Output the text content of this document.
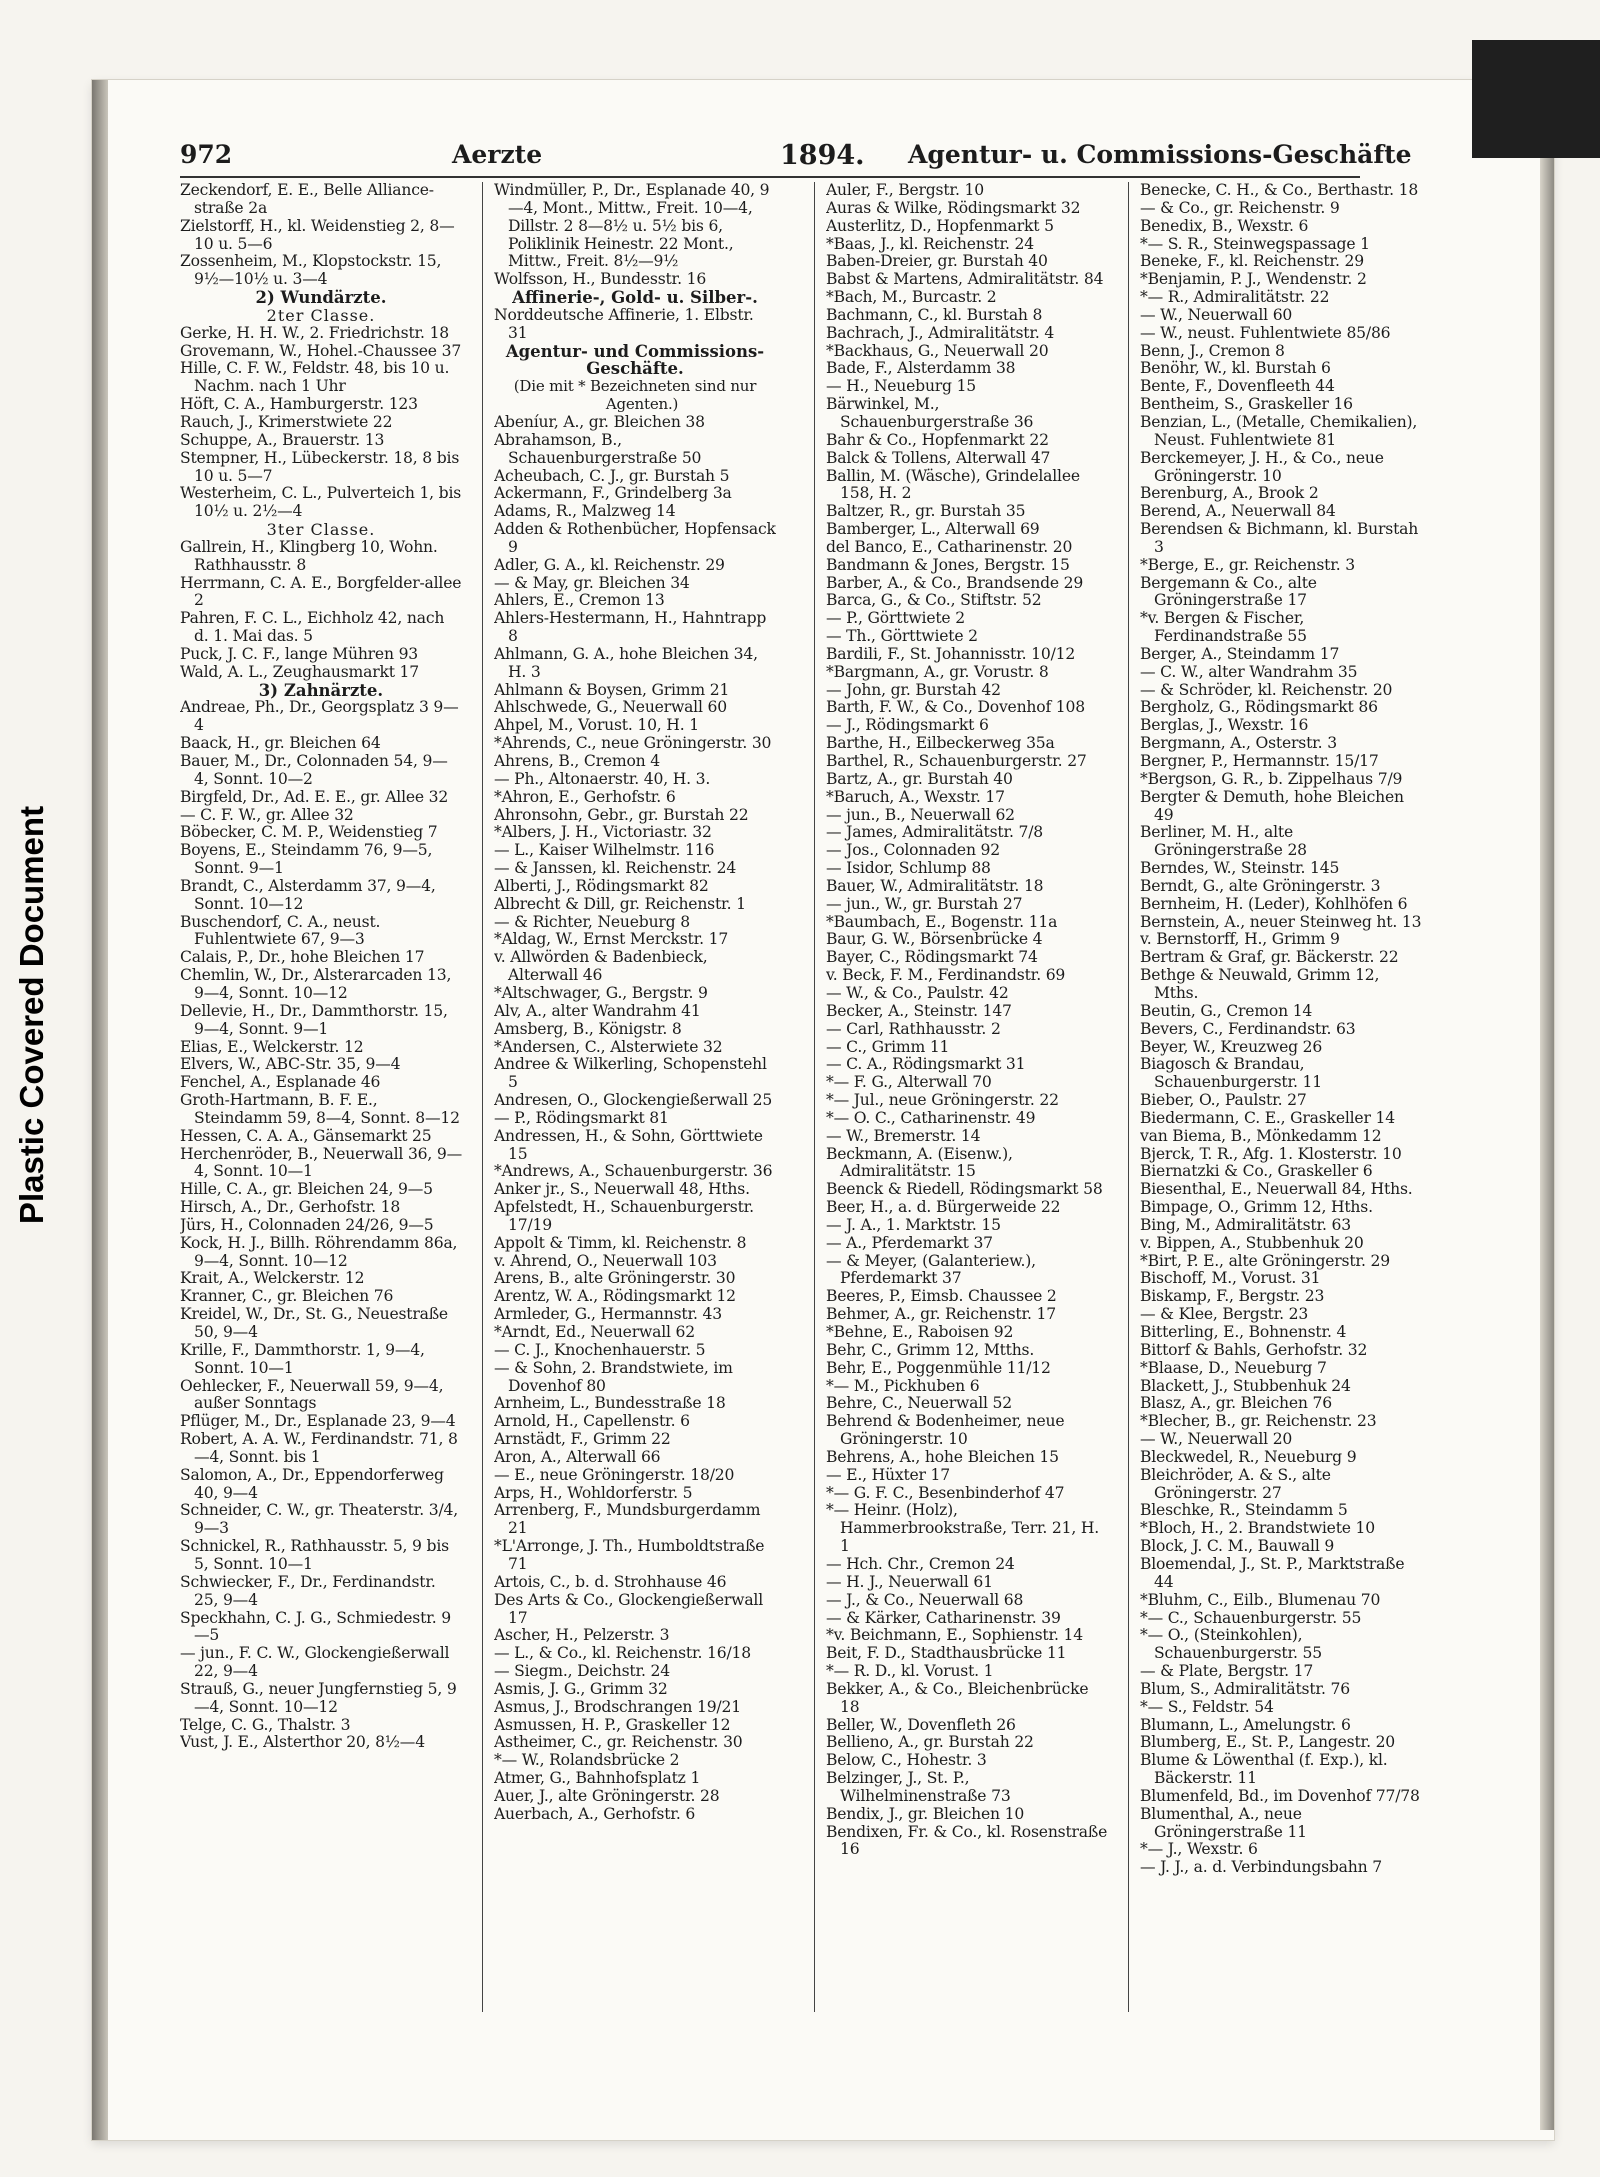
Plastic Covered Document
972	Aerzte	1894. Agentur- u. Commissions-Geschäfte
Zeckendorf, E. E., Belle Alliance-straße 2a
Zielstorff, H., kl. Weidenstieg 2, 8—10 u. 5—6
Zossenheim, M., Klopstockstr. 15, 9½—10½ u. 3—4
2) Wundärzte.
2ter Classe.
Gerke, H. H. W., 2. Friedrichstr. 18
Grovemann, W., Hohel.-Chaussee 37
Hille, C. F. W., Feldstr. 48, bis 10 u. Nachm. nach 1 Uhr
Höft, C. A., Hamburgerstr. 123
Rauch, J., Krimerstwiete 22
Schuppe, A., Brauerstr. 13
Stempner, H., Lübeckerstr. 18, 8 bis 10 u. 5—7
Westerheim, C. L., Pulverteich 1, bis 10½ u. 2½—4
3ter Classe.
Gallrein, H., Klingberg 10, Wohn. Rathhausstr. 8
Herrmann, C. A. E., Borgfelder-allee 2
Pahren, F. C. L., Eichholz 42, nach d. 1. Mai das. 5
Puck, J. C. F., lange Mühren 93
Wald, A. L., Zeughausmarkt 17
3) Zahnärzte.
Andreae, Ph., Dr., Georgsplatz 3 9—4
Baack, H., gr. Bleichen 64
Bauer, M., Dr., Colonnaden 54, 9—4, Sonnt. 10—2
Birgfeld, Dr., Ad. E. E., gr. Allee 32
— C. F. W., gr. Allee 32
Böbecker, C. M. P., Weidenstieg 7
Boyens, E., Steindamm 76, 9—5, Sonnt. 9—1
Brandt, C., Alsterdamm 37, 9—4, Sonnt. 10—12
Buschendorf, C. A., neust. Fuhlentwiete 67, 9—3
Calais, P., Dr., hohe Bleichen 17
Chemlin, W., Dr., Alsterarcaden 13, 9—4, Sonnt. 10—12
Dellevie, H., Dr., Dammthorstr. 15, 9—4, Sonnt. 9—1
Elias, E., Welckerstr. 12
Elvers, W., ABC-Str. 35, 9—4
Fenchel, A., Esplanade 46
Groth-Hartmann, B. F. E., Steindamm 59, 8—4, Sonnt. 8—12
Hessen, C. A. A., Gänsemarkt 25
Herchenröder, B., Neuerwall 36, 9—4, Sonnt. 10—1
Hille, C. A., gr. Bleichen 24, 9—5
Hirsch, A., Dr., Gerhofstr. 18
Jürs, H., Colonnaden 24/26, 9—5
Kock, H. J., Billh. Röhrendamm 86a, 9—4, Sonnt. 10—12
Krait, A., Welckerstr. 12
Kranner, C., gr. Bleichen 76
Kreidel, W., Dr., St. G., Neuestraße 50, 9—4
Krille, F., Dammthorstr. 1, 9—4, Sonnt. 10—1
Oehlecker, F., Neuerwall 59, 9—4, außer Sonntags
Pflüger, M., Dr., Esplanade 23, 9—4
Robert, A. A. W., Ferdinandstr. 71, 8—4, Sonnt. bis 1
Salomon, A., Dr., Eppendorferweg 40, 9—4
Schneider, C. W., gr. Theaterstr. 3/4, 9—3
Schnickel, R., Rathhausstr. 5, 9 bis 5, Sonnt. 10—1
Schwiecker, F., Dr., Ferdinandstr. 25, 9—4
Speckhahn, C. J. G., Schmiedestr. 9—5
— jun., F. C. W., Glockengießerwall 22, 9—4
Strauß, G., neuer Jungfernstieg 5, 9—4, Sonnt. 10—12
Telge, C. G., Thalstr. 3
Vust, J. E., Alsterthor 20, 8½—4
Windmüller, P., Dr., Esplanade 40, 9—4, Mont., Mittw., Freit. 10—4, Dillstr. 2 8—8½ u. 5½ bis 6, Poliklinik Heinestr. 22 Mont., Mittw., Freit. 8½—9½
Wolfsson, H., Bundesstr. 16
Affinerie-, Gold- u. Silber-.
Norddeutsche Affinerie, 1. Elbstr. 31
Agentur- und Commissions-Geschäfte.
(Die mit * Bezeichneten sind nur Agenten.)
Abeníur, A., gr. Bleichen 38
Abrahamson, B., Schauenburgerstraße 50
Acheubach, C. J., gr. Burstah 5
Ackermann, F., Grindelberg 3a
Adams, R., Malzweg 14
Adden & Rothenbücher, Hopfensack 9
Adler, G. A., kl. Reichenstr. 29
— & May, gr. Bleichen 34
Ahlers, E., Cremon 13
Ahlers-Hestermann, H., Hahntrapp 8
Ahlmann, G. A., hohe Bleichen 34, H. 3
Ahlmann & Boysen, Grimm 21
Ahlschwede, G., Neuerwall 60
Ahpel, M., Vorust. 10, H. 1
*Ahrends, C., neue Gröningerstr. 30
Ahrens, B., Cremon 4
— Ph., Altonaerstr. 40, H. 3.
*Ahron, E., Gerhofstr. 6
Ahronsohn, Gebr., gr. Burstah 22
*Albers, J. H., Victoriastr. 32
— L., Kaiser Wilhelmstr. 116
— & Janssen, kl. Reichenstr. 24
Alberti, J., Rödingsmarkt 82
Albrecht & Dill, gr. Reichenstr. 1
— & Richter, Neueburg 8
*Aldag, W., Ernst Merckstr. 17
v. Allwörden & Badenbieck, Alterwall 46
*Altschwager, G., Bergstr. 9
Alv, A., alter Wandrahm 41
Amsberg, B., Königstr. 8
*Andersen, C., Alsterwiete 32
Andree & Wilkerling, Schopenstehl 5
Andresen, O., Glockengießerwall 25
— P., Rödingsmarkt 81
Andressen, H., & Sohn, Görttwiete 15
*Andrews, A., Schauenburgerstr. 36
Anker jr., S., Neuerwall 48, Hths.
Apfelstedt, H., Schauenburgerstr. 17/19
Appolt & Timm, kl. Reichenstr. 8
v. Ahrend, O., Neuerwall 103
Arens, B., alte Gröningerstr. 30
Arentz, W. A., Rödingsmarkt 12
Armleder, G., Hermannstr. 43
*Arndt, Ed., Neuerwall 62
— C. J., Knochenhauerstr. 5
— & Sohn, 2. Brandstwiete, im Dovenhof 80
Arnheim, L., Bundesstraße 18
Arnold, H., Capellenstr. 6
Arnstädt, F., Grimm 22
Aron, A., Alterwall 66
— E., neue Gröningerstr. 18/20
Arps, H., Wohldorferstr. 5
Arrenberg, F., Mundsburgerdamm 21
*L'Arronge, J. Th., Humboldtstraße 71
Artois, C., b. d. Strohhause 46
Des Arts & Co., Glockengießerwall 17
Ascher, H., Pelzerstr. 3
— L., & Co., kl. Reichenstr. 16/18
— Siegm., Deichstr. 24
Asmis, J. G., Grimm 32
Asmus, J., Brodschrangen 19/21
Asmussen, H. P., Graskeller 12
Astheimer, C., gr. Reichenstr. 30
*— W., Rolandsbrücke 2
Atmer, G., Bahnhofsplatz 1
Auer, J., alte Gröningerstr. 28
Auerbach, A., Gerhofstr. 6
Auler, F., Bergstr. 10
Auras & Wilke, Rödingsmarkt 32
Austerlitz, D., Hopfenmarkt 5
*Baas, J., kl. Reichenstr. 24
Baben-Dreier, gr. Burstah 40
Babst & Martens, Admiralitätstr. 84
*Bach, M., Burcastr. 2
Bachmann, C., kl. Burstah 8
Bachrach, J., Admiralitätstr. 4
*Backhaus, G., Neuerwall 20
Bade, F., Alsterdamm 38
— H., Neueburg 15
Bärwinkel, M., Schauenburgerstraße 36
Bahr & Co., Hopfenmarkt 22
Balck & Tollens, Alterwall 47
Ballin, M. (Wäsche), Grindelallee 158, H. 2
Baltzer, R., gr. Burstah 35
Bamberger, L., Alterwall 69
del Banco, E., Catharinenstr. 20
Bandmann & Jones, Bergstr. 15
Barber, A., & Co., Brandsende 29
Barca, G., & Co., Stiftstr. 52
— P., Görttwiete 2
— Th., Görttwiete 2
Bardili, F., St. Johannisstr. 10/12
*Bargmann, A., gr. Vorustr. 8
— John, gr. Burstah 42
Barth, F. W., & Co., Dovenhof 108
— J., Rödingsmarkt 6
Barthe, H., Eilbeckerweg 35a
Barthel, R., Schauenburgerstr. 27
Bartz, A., gr. Burstah 40
*Baruch, A., Wexstr. 17
— jun., B., Neuerwall 62
— James, Admiralitätstr. 7/8
— Jos., Colonnaden 92
— Isidor, Schlump 88
Bauer, W., Admiralitätstr. 18
— jun., W., gr. Burstah 27
*Baumbach, E., Bogenstr. 11a
Baur, G. W., Börsenbrücke 4
Bayer, C., Rödingsmarkt 74
v. Beck, F. M., Ferdinandstr. 69
— W., & Co., Paulstr. 42
Becker, A., Steinstr. 147
— Carl, Rathhausstr. 2
— C., Grimm 11
— C. A., Rödingsmarkt 31
*— F. G., Alterwall 70
*— Jul., neue Gröningerstr. 22
*— O. C., Catharinenstr. 49
— W., Bremerstr. 14
Beckmann, A. (Eisenw.), Admiralitätstr. 15
Beenck & Riedell, Rödingsmarkt 58
Beer, H., a. d. Bürgerweide 22
— J. A., 1. Marktstr. 15
— A., Pferdemarkt 37
— & Meyer, (Galanteriew.), Pferdemarkt 37
Beeres, P., Eimsb. Chaussee 2
Behmer, A., gr. Reichenstr. 17
*Behne, E., Raboisen 92
Behr, C., Grimm 12, Mtths.
Behr, E., Poggenmühle 11/12
*— M., Pickhuben 6
Behre, C., Neuerwall 52
Behrend & Bodenheimer, neue Gröningerstr. 10
Behrens, A., hohe Bleichen 15
— E., Hüxter 17
*— G. F. C., Besenbinderhof 47
*— Heinr. (Holz), Hammerbrookstraße, Terr. 21, H. 1
— Hch. Chr., Cremon 24
— H. J., Neuerwall 61
— J., & Co., Neuerwall 68
— & Kärker, Catharinenstr. 39
*v. Beichmann, E., Sophienstr. 14
Beit, F. D., Stadthausbrücke 11
*— R. D., kl. Vorust. 1
Bekker, A., & Co., Bleichenbrücke 18
Beller, W., Dovenfleth 26
Bellieno, A., gr. Burstah 22
Below, C., Hohestr. 3
Belzinger, J., St. P., Wilhelminenstraße 73
Bendix, J., gr. Bleichen 10
Bendixen, Fr. & Co., kl. Rosenstraße 16
Benecke, C. H., & Co., Berthastr. 18
— & Co., gr. Reichenstr. 9
Benedix, B., Wexstr. 6
*— S. R., Steinwegspassage 1
Beneke, F., kl. Reichenstr. 29
*Benjamin, P. J., Wendenstr. 2
*— R., Admiralitätstr. 22
— W., Neuerwall 60
— W., neust. Fuhlentwiete 85/86
Benn, J., Cremon 8
Benöhr, W., kl. Burstah 6
Bente, F., Dovenfleeth 44
Bentheim, S., Graskeller 16
Benzian, L., (Metalle, Chemikalien), Neust. Fuhlentwiete 81
Berckemeyer, J. H., & Co., neue Gröningerstr. 10
Berenburg, A., Brook 2
Berend, A., Neuerwall 84
Berendsen & Bichmann, kl. Burstah 3
*Berge, E., gr. Reichenstr. 3
Bergemann & Co., alte Gröningerstraße 17
*v. Bergen & Fischer, Ferdinandstraße 55
Berger, A., Steindamm 17
— C. W., alter Wandrahm 35
— & Schröder, kl. Reichenstr. 20
Bergholz, G., Rödingsmarkt 86
Berglas, J., Wexstr. 16
Bergmann, A., Osterstr. 3
Bergner, P., Hermannstr. 15/17
*Bergson, G. R., b. Zippelhaus 7/9
Bergter & Demuth, hohe Bleichen 49
Berliner, M. H., alte Gröningerstraße 28
Berndes, W., Steinstr. 145
Berndt, G., alte Gröningerstr. 3
Bernheim, H. (Leder), Kohlhöfen 6
Bernstein, A., neuer Steinweg ht. 13
v. Bernstorff, H., Grimm 9
Bertram & Graf, gr. Bäckerstr. 22
Bethge & Neuwald, Grimm 12, Mths.
Beutin, G., Cremon 14
Bevers, C., Ferdinandstr. 63
Beyer, W., Kreuzweg 26
Biagosch & Brandau, Schauenburgerstr. 11
Bieber, O., Paulstr. 27
Biedermann, C. E., Graskeller 14
van Biema, B., Mönkedamm 12
Bjerck, T. R., Afg. 1. Klosterstr. 10
Biernatzki & Co., Graskeller 6
Biesenthal, E., Neuerwall 84, Hths.
Bimpage, O., Grimm 12, Hths.
Bing, M., Admiralitätstr. 63
v. Bippen, A., Stubbenhuk 20
*Birt, P. E., alte Gröningerstr. 29
Bischoff, M., Vorust. 31
Biskamp, F., Bergstr. 23
— & Klee, Bergstr. 23
Bitterling, E., Bohnenstr. 4
Bittorf & Bahls, Gerhofstr. 32
*Blaase, D., Neueburg 7
Blackett, J., Stubbenhuk 24
Blasz, A., gr. Bleichen 76
*Blecher, B., gr. Reichenstr. 23
— W., Neuerwall 20
Bleckwedel, R., Neueburg 9
Bleichröder, A. & S., alte Gröningerstr. 27
Bleschke, R., Steindamm 5
*Bloch, H., 2. Brandstwiete 10
Block, J. C. M., Bauwall 9
Bloemendal, J., St. P., Marktstraße 44
*Bluhm, C., Eilb., Blumenau 70
*— C., Schauenburgerstr. 55
*— O., (Steinkohlen), Schauenburgerstr. 55
— & Plate, Bergstr. 17
Blum, S., Admiralitätstr. 76
*— S., Feldstr. 54
Blumann, L., Amelungstr. 6
Blumberg, E., St. P., Langestr. 20
Blume & Löwenthal (f. Exp.), kl. Bäckerstr. 11
Blumenfeld, Bd., im Dovenhof 77/78
Blumenthal, A., neue Gröningerstraße 11
*— J., Wexstr. 6
— J. J., a. d. Verbindungsbahn 7
